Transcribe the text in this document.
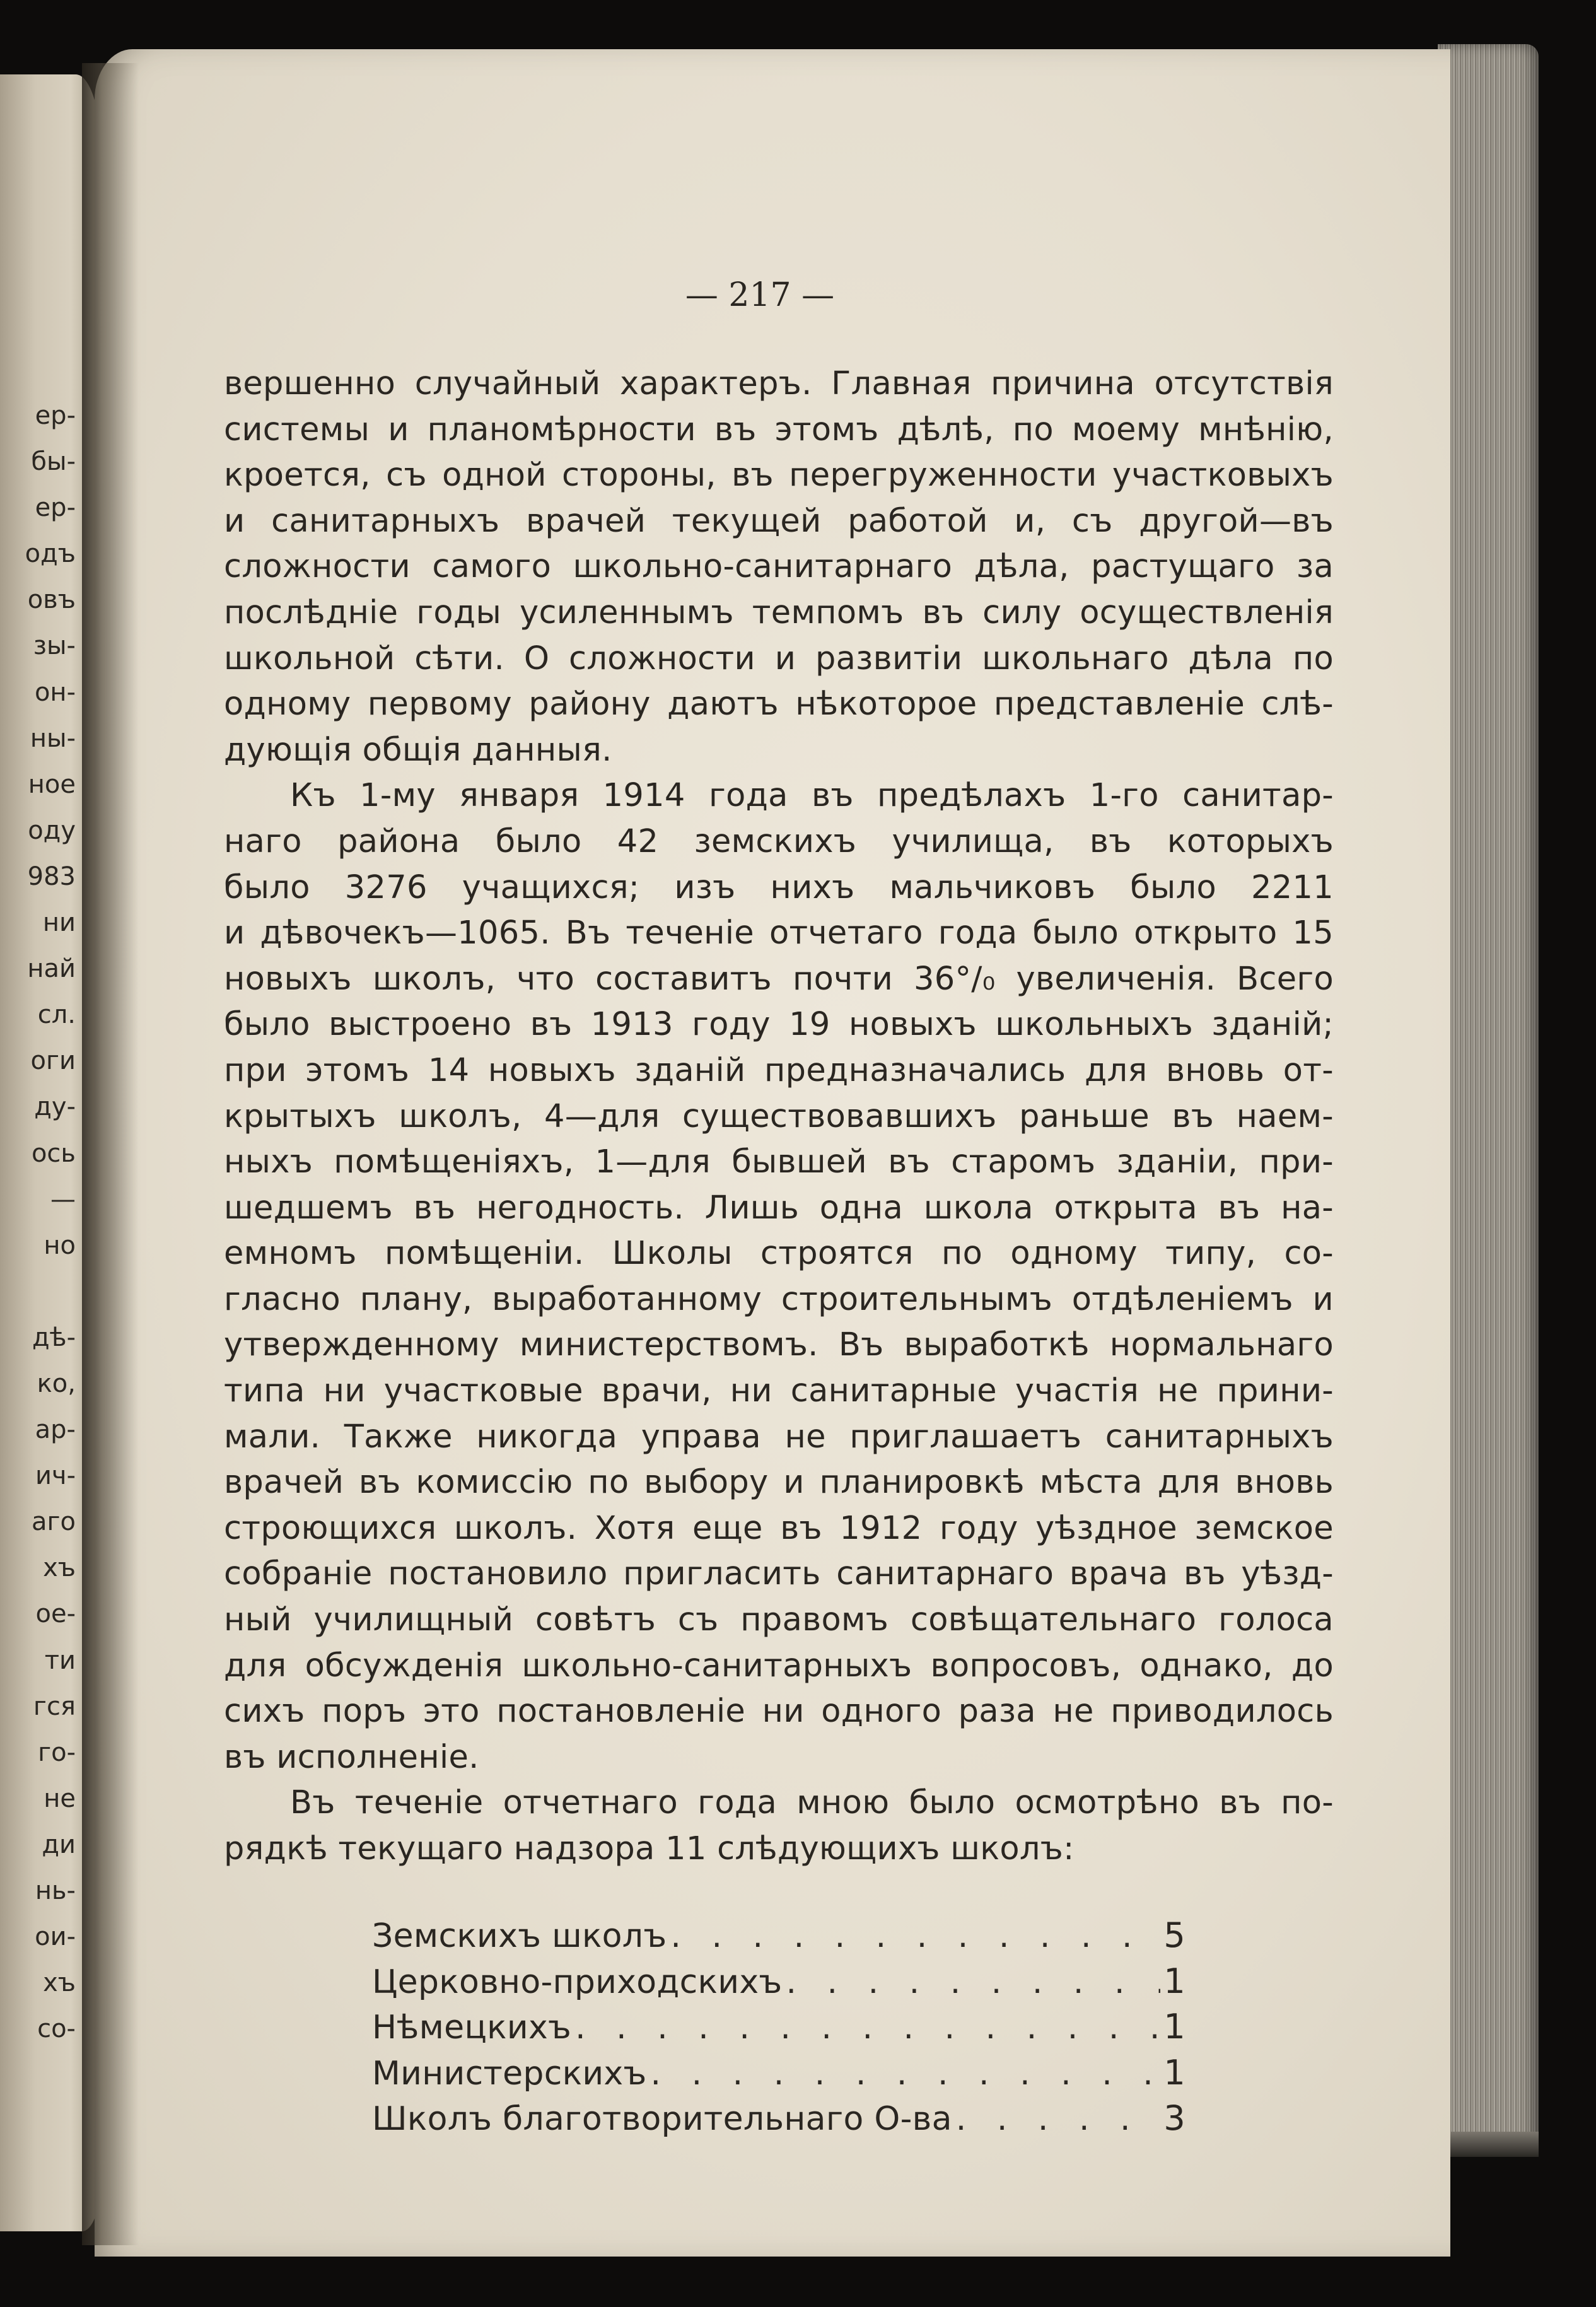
ер-
бы-
ер-
одъ
овъ
зы-
он-
ны-
ное
оду
983
ни
най
сл.
оги
ду-
ось
—
но
дѣ-
ко,
ар-
ич-
аго
хъ
ое-
ти
гся
го-
не
ди
нь-
ои-
хъ
со-
— 217 —
вершенно случайный характеръ. Главная причина отсутствія
системы и планомѣрности въ этомъ дѣлѣ, по моему мнѣнію,
кроется, съ одной стороны, въ перегруженности участковыхъ
и санитарныхъ врачей текущей работой и, съ другой—въ
сложности самого школьно-санитарнаго дѣла, растущаго за
послѣдніе годы усиленнымъ темпомъ въ силу осуществленія
школьной сѣти. О сложности и развитіи школьнаго дѣла по
одному первому району даютъ нѣкоторое представленіе слѣ-
дующія общія данныя.
Къ 1-му января 1914 года въ предѣлахъ 1-го санитар-
наго района было 42 земскихъ училища, въ которыхъ
было 3276 учащихся; изъ нихъ мальчиковъ было 2211
и дѣвочекъ—1065. Въ теченіе отчетаго года было открыто 15
новыхъ школъ, что составитъ почти 36°/₀ увеличенія. Всего
было выстроено въ 1913 году 19 новыхъ школьныхъ зданій;
при этомъ 14 новыхъ зданій предназначались для вновь от-
крытыхъ школъ, 4—для существовавшихъ раньше въ наем-
ныхъ помѣщеніяхъ, 1—для бывшей въ старомъ зданіи, при-
шедшемъ въ негодность. Лишь одна школа открыта въ на-
емномъ помѣщеніи. Школы строятся по одному типу, со-
гласно плану, выработанному строительнымъ отдѣленіемъ и
утвержденному министерствомъ. Въ выработкѣ нормальнаго
типа ни участковые врачи, ни санитарные участія не прини-
мали. Также никогда управа не приглашаетъ санитарныхъ
врачей въ комиссію по выбору и планировкѣ мѣста для вновь
строющихся школъ. Хотя еще въ 1912 году уѣздное земское
собраніе постановило пригласить санитарнаго врача въ уѣзд-
ный училищный совѣтъ съ правомъ совѣщательнаго голоса
для обсужденія школьно-санитарныхъ вопросовъ, однако, до
сихъ поръ это постановленіе ни одного раза не приводилось
въ исполненіе.
Въ теченіе отчетнаго года мною было осмотрѣно въ по-
рядкѣ текущаго надзора 11 слѣдующихъ школъ:
Земскихъ школъ . . .	5
Церковно-приходскихъ . . .	1
Нѣмецкихъ . . .	1
Министерскихъ . . .	1
Школъ благотворительнаго О-ва . . .	3
